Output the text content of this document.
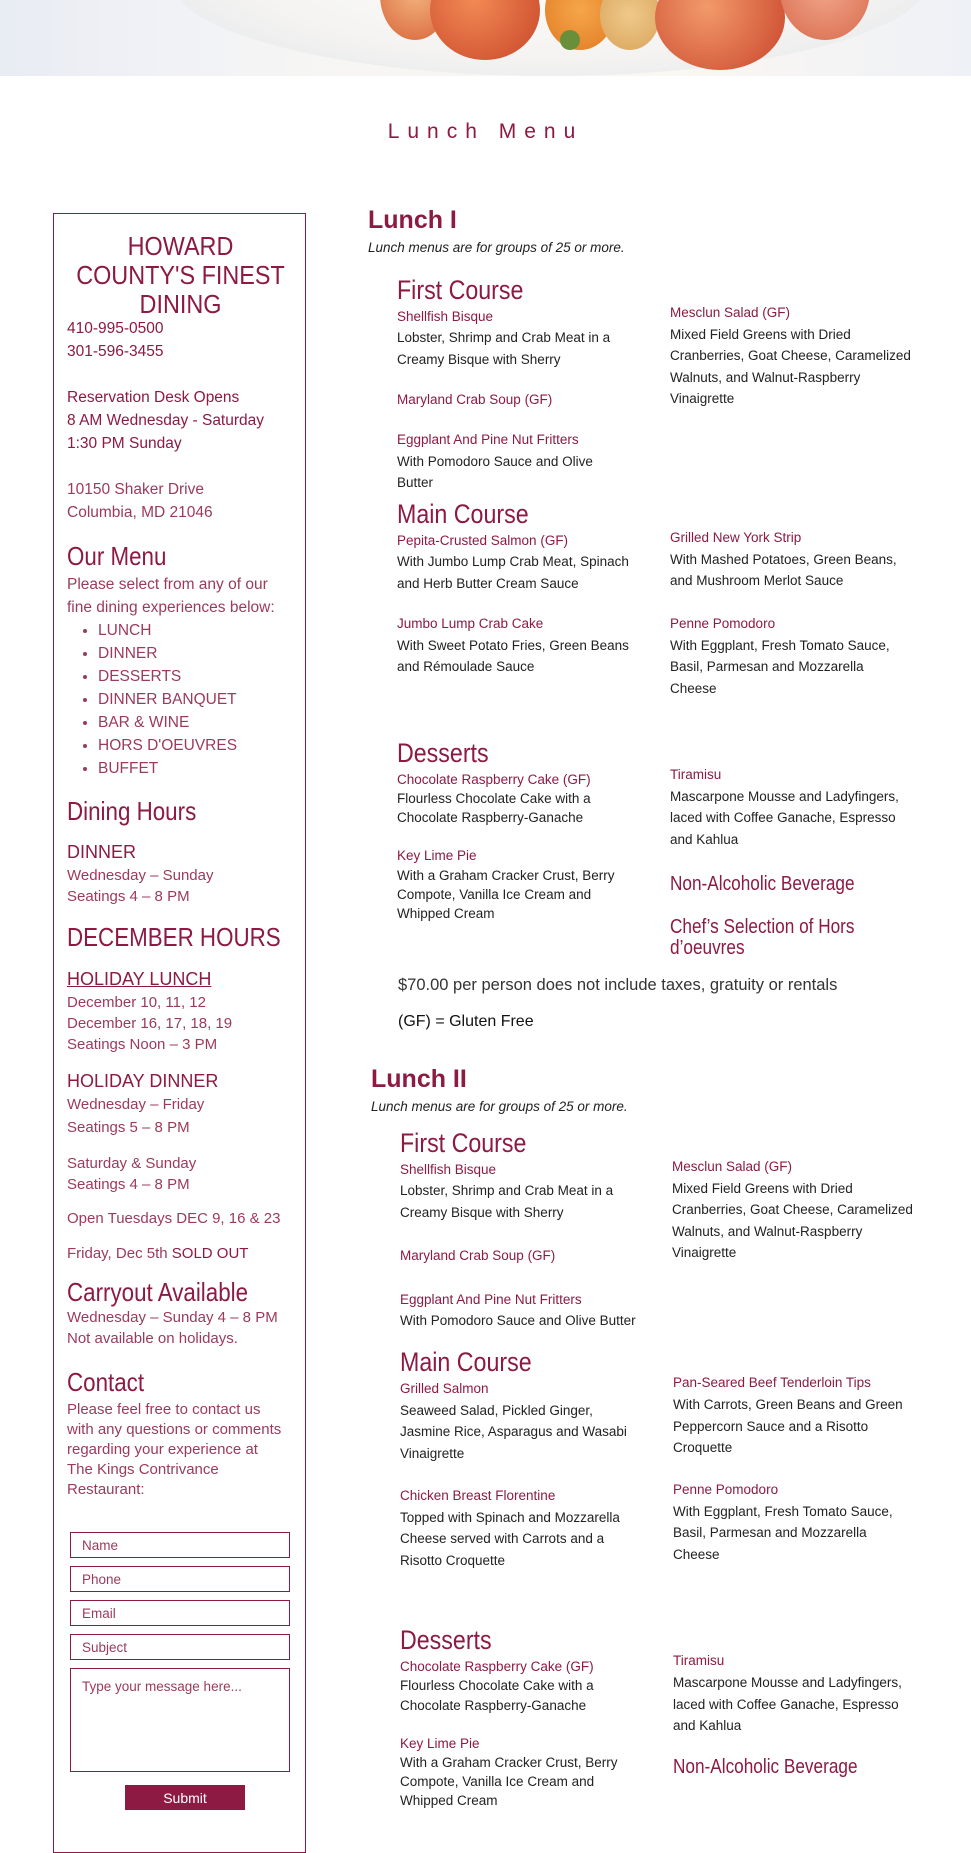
Lunch Menu
HOWARD COUNTY'S FINEST DINING
410-995-0500
301-596-3455
Reservation Desk Opens
8 AM Wednesday - Saturday
1:30 PM Sunday
10150 Shaker Drive
Columbia, MD 21046
Our Menu
Please select from any of our
fine dining experiences below:
• LUNCH
• DINNER
• DESSERTS
• DINNER BANQUET
• BAR & WINE
• HORS D'OEUVRES
• BUFFET
Dining Hours
DINNER
Wednesday – Sunday
Seatings 4 – 8 PM
DECEMBER HOURS
HOLIDAY LUNCH
December 10, 11, 12
December 16, 17, 18, 19
Seatings Noon – 3 PM
HOLIDAY DINNER
Wednesday – Friday
Seatings 5 – 8 PM
Saturday & Sunday
Seatings 4 – 8 PM
Open Tuesdays DEC 9, 16 & 23
Friday, Dec 5th SOLD OUT
Carryout Available
Wednesday – Sunday 4 – 8 PM
Not available on holidays.
Contact
Please feel free to contact us
with any questions or comments
regarding your experience at
The Kings Contrivance
Restaurant:
Name
Phone
Email
Subject
Type your message here...
Submit
Lunch I
Lunch menus are for groups of 25 or more.
First Course
Shellfish Bisque
Lobster, Shrimp and Crab Meat in a
Creamy Bisque with Sherry
Maryland Crab Soup (GF)
Eggplant And Pine Nut Fritters
With Pomodoro Sauce and Olive
Butter
Mesclun Salad (GF)
Mixed Field Greens with Dried
Cranberries, Goat Cheese, Caramelized
Walnuts, and Walnut-Raspberry
Vinaigrette
Main Course
Pepita-Crusted Salmon (GF)
With Jumbo Lump Crab Meat, Spinach
and Herb Butter Cream Sauce
Jumbo Lump Crab Cake
With Sweet Potato Fries, Green Beans
and Rémoulade Sauce
Grilled New York Strip
With Mashed Potatoes, Green Beans,
and Mushroom Merlot Sauce
Penne Pomodoro
With Eggplant, Fresh Tomato Sauce,
Basil, Parmesan and Mozzarella
Cheese
Desserts
Chocolate Raspberry Cake (GF)
Flourless Chocolate Cake with a
Chocolate Raspberry-Ganache
Key Lime Pie
With a Graham Cracker Crust, Berry
Compote, Vanilla Ice Cream and
Whipped Cream
Tiramisu
Mascarpone Mousse and Ladyfingers,
laced with Coffee Ganache, Espresso
and Kahlua
Non-Alcoholic Beverage
Chef’s Selection of Hors
d’oeuvres
$70.00 per person does not include taxes, gratuity or rentals
(GF) = Gluten Free
Lunch II
Lunch menus are for groups of 25 or more.
First Course
Shellfish Bisque
Lobster, Shrimp and Crab Meat in a
Creamy Bisque with Sherry
Maryland Crab Soup (GF)
Eggplant And Pine Nut Fritters
With Pomodoro Sauce and Olive Butter
Mesclun Salad (GF)
Mixed Field Greens with Dried
Cranberries, Goat Cheese, Caramelized
Walnuts, and Walnut-Raspberry
Vinaigrette
Main Course
Grilled Salmon
Seaweed Salad, Pickled Ginger,
Jasmine Rice, Asparagus and Wasabi
Vinaigrette
Chicken Breast Florentine
Topped with Spinach and Mozzarella
Cheese served with Carrots and a
Risotto Croquette
Pan-Seared Beef Tenderloin Tips
With Carrots, Green Beans and Green
Peppercorn Sauce and a Risotto
Croquette
Penne Pomodoro
With Eggplant, Fresh Tomato Sauce,
Basil, Parmesan and Mozzarella
Cheese
Desserts
Chocolate Raspberry Cake (GF)
Flourless Chocolate Cake with a
Chocolate Raspberry-Ganache
Key Lime Pie
With a Graham Cracker Crust, Berry
Compote, Vanilla Ice Cream and
Whipped Cream
Tiramisu
Mascarpone Mousse and Ladyfingers,
laced with Coffee Ganache, Espresso
and Kahlua
Non-Alcoholic Beverage
